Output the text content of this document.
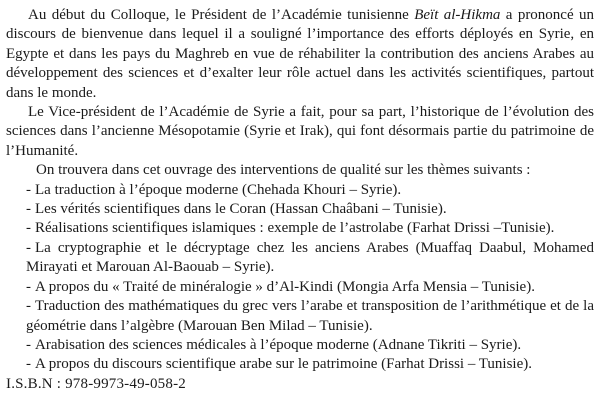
Au début du Colloque, le Président de l’Académie tunisienne Beït al-Hikma a prononcé un discours de bienvenue dans lequel il a souligné l’importance des efforts déployés en Syrie, en Egypte et dans les pays du Maghreb en vue de réhabiliter la contribution des anciens Arabes au développement des sciences et d’exalter leur rôle actuel dans les activités scientifiques, partout dans le monde.

Le Vice-président de l’Académie de Syrie a fait, pour sa part, l’historique de l’évolution des sciences dans l’ancienne Mésopotamie (Syrie et Irak), qui font désormais partie du patrimoine de l’Humanité.

On trouvera dans cet ouvrage des interventions de qualité sur les thèmes suivants :

- La traduction à l’époque moderne (Chehada Khouri – Syrie).

- Les vérités scientifiques dans le Coran (Hassan Chaâbani – Tunisie).

- Réalisations scientifiques islamiques : exemple de l’astrolabe (Farhat Drissi –Tunisie).

- La cryptographie et le décryptage chez les anciens Arabes (Muaffaq Daabul, Mohamed Mirayati et Marouan Al-Baouab – Syrie).

- A propos du « Traité de minéralogie » d’Al-Kindi (Mongia Arfa Mensia – Tunisie).

- Traduction des mathématiques du grec vers l’arabe et transposition de l’arithmétique et de la géométrie dans l’algèbre (Marouan Ben Milad – Tunisie).

- Arabisation des sciences médicales à l’époque moderne (Adnane Tikriti – Syrie).

- A propos du discours scientifique arabe sur le patrimoine (Farhat Drissi – Tunisie).

I.S.B.N : 978-9973-49-058-2
